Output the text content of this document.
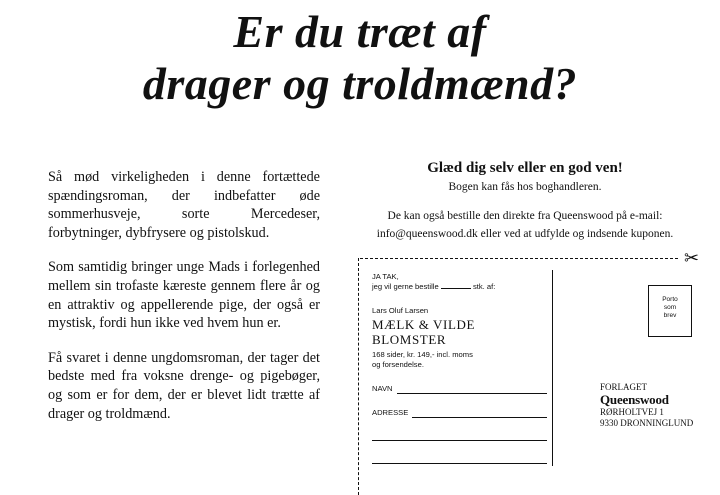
Er du træt af
drager og troldmænd?

Så mød virkeligheden i denne fortættede spændingsroman, der indbefatter øde sommerhusveje, sorte Mercedeser, forbytninger, dybfrysere og pistolskud.

Som samtidig bringer unge Mads i forlegenhed mellem sin trofaste kæreste gennem flere år og en attraktiv og appellerende pige, der også er mystisk, fordi hun ikke ved hvem hun er.

Få svaret i denne ungdomsroman, der tager det bedste med fra voksne drenge- og pigebøger, og som er for dem, der er blevet lidt trætte af drager og troldmænd.

Glæd dig selv eller en god ven!
Bogen kan fås hos boghandleren.
De kan også bestille den direkte fra Queenswood på e-mail:
info@queenswood.dk eller ved at udfylde og indsende kuponen.
✂
JA TAK,
jeg vil gerne bestille	stk. af:
Lars Oluf Larsen
MÆLK & VILDE
BLOMSTER
168 sider, kr. 149,- incl. moms
og forsendelse.
NAVN
ADRESSE
Porto
som
brev
FORLAGET
Queenswood
RØRHOLTVEJ 1
9330 DRONNINGLUND
